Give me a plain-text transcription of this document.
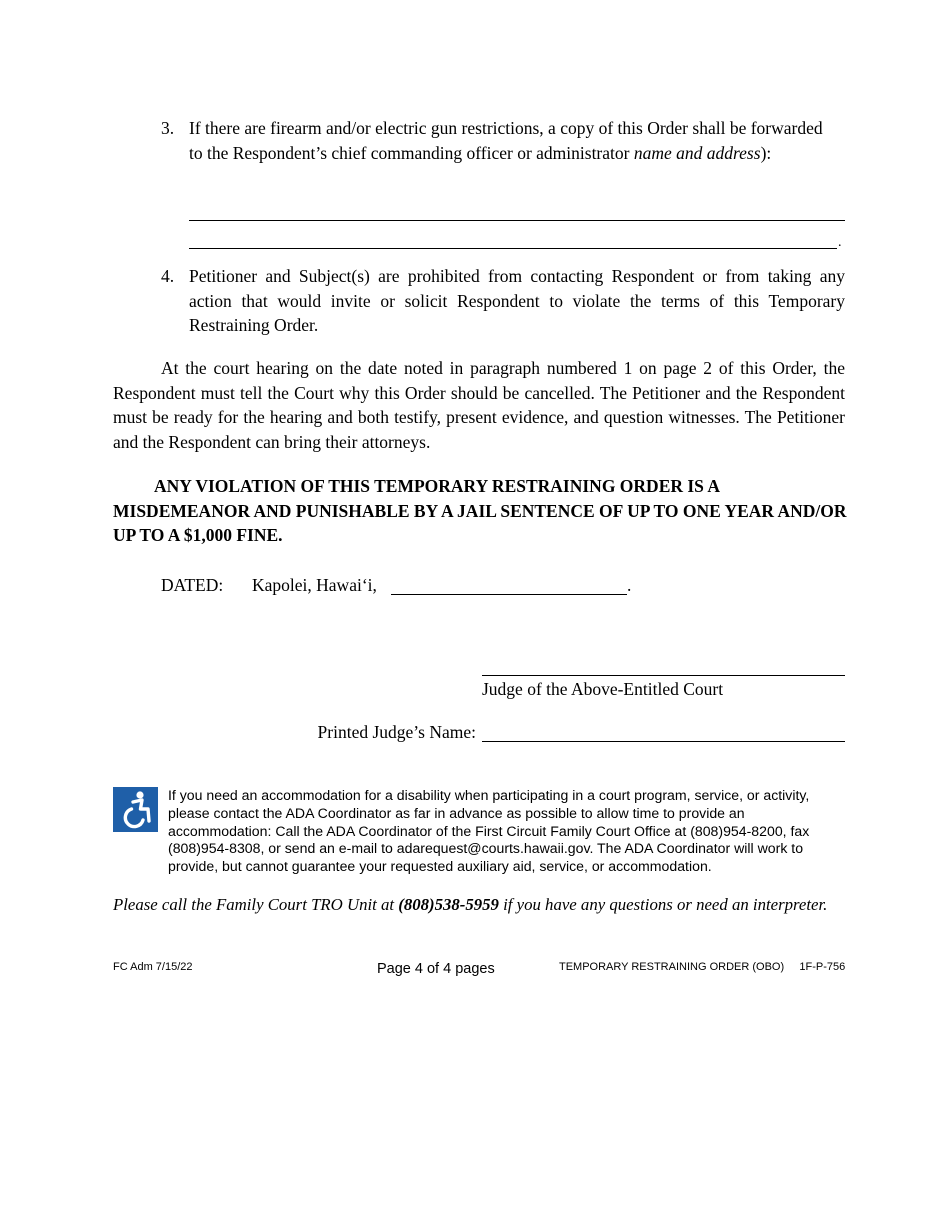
3. If there are firearm and/or electric gun restrictions, a copy of this Order shall be forwarded to the Respondent’s chief commanding officer or administrator name and address):
.
4. Petitioner and Subject(s) are prohibited from contacting Respondent or from taking any action that would invite or solicit Respondent to violate the terms of this Temporary Restraining Order.
At the court hearing on the date noted in paragraph numbered 1 on page 2 of this Order, the Respondent must tell the Court why this Order should be cancelled. The Petitioner and the Respondent must be ready for the hearing and both testify, present evidence, and question witnesses. The Petitioner and the Respondent can bring their attorneys.
ANY VIOLATION OF THIS TEMPORARY RESTRAINING ORDER IS A MISDEMEANOR AND PUNISHABLE BY A JAIL SENTENCE OF UP TO ONE YEAR AND/OR UP TO A $1,000 FINE.
DATED: Kapolei, Hawai‘i,	.
Judge of the Above-Entitled Court
Printed Judge’s Name:
If you need an accommodation for a disability when participating in a court program, service, or activity, please contact the ADA Coordinator as far in advance as possible to allow time to provide an accommodation: Call the ADA Coordinator of the First Circuit Family Court Office at (808)954-8200, fax (808)954-8308, or send an e-mail to adarequest@courts.hawaii.gov. The ADA Coordinator will work to provide, but cannot guarantee your requested auxiliary aid, service, or accommodation.
Please call the Family Court TRO Unit at (808)538-5959 if you have any questions or need an interpreter.
FC Adm 7/15/22	Page 4 of 4 pages	TEMPORARY RESTRAINING ORDER (OBO)     1F-P-756
